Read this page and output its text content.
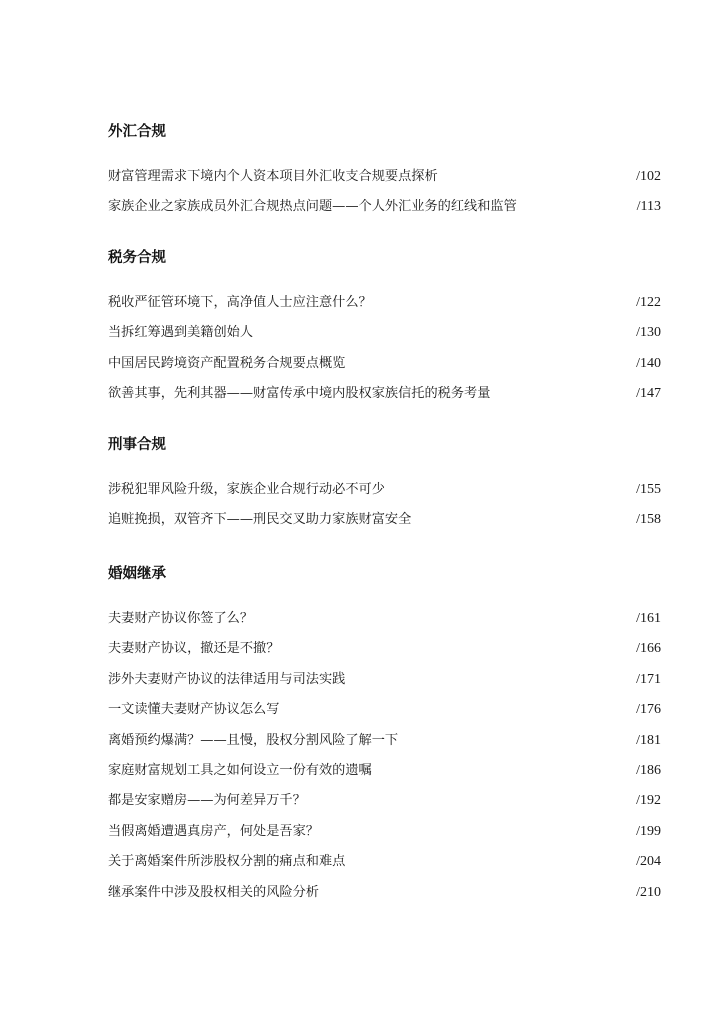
外汇合规
财富管理需求下境内个人资本项目外汇收支合规要点探析	/102
家族企业之家族成员外汇合规热点问题——个人外汇业务的红线和监管	/113
税务合规
税收严征管环境下，高净值人士应注意什么？	/122
当拆红筹遇到美籍创始人	/130
中国居民跨境资产配置税务合规要点概览	/140
欲善其事，先利其器——财富传承中境内股权家族信托的税务考量	/147
刑事合规
涉税犯罪风险升级，家族企业合规行动必不可少	/155
追赃挽损，双管齐下——刑民交叉助力家族财富安全	/158
婚姻继承
夫妻财产协议你签了么？	/161
夫妻财产协议，撤还是不撤？	/166
涉外夫妻财产协议的法律适用与司法实践	/171
一文读懂夫妻财产协议怎么写	/176
离婚预约爆满？——且慢，股权分割风险了解一下	/181
家庭财富规划工具之如何设立一份有效的遗嘱	/186
都是安家赠房——为何差异万千？	/192
当假离婚遭遇真房产，何处是吾家？	/199
关于离婚案件所涉股权分割的痛点和难点	/204
继承案件中涉及股权相关的风险分析	/210
